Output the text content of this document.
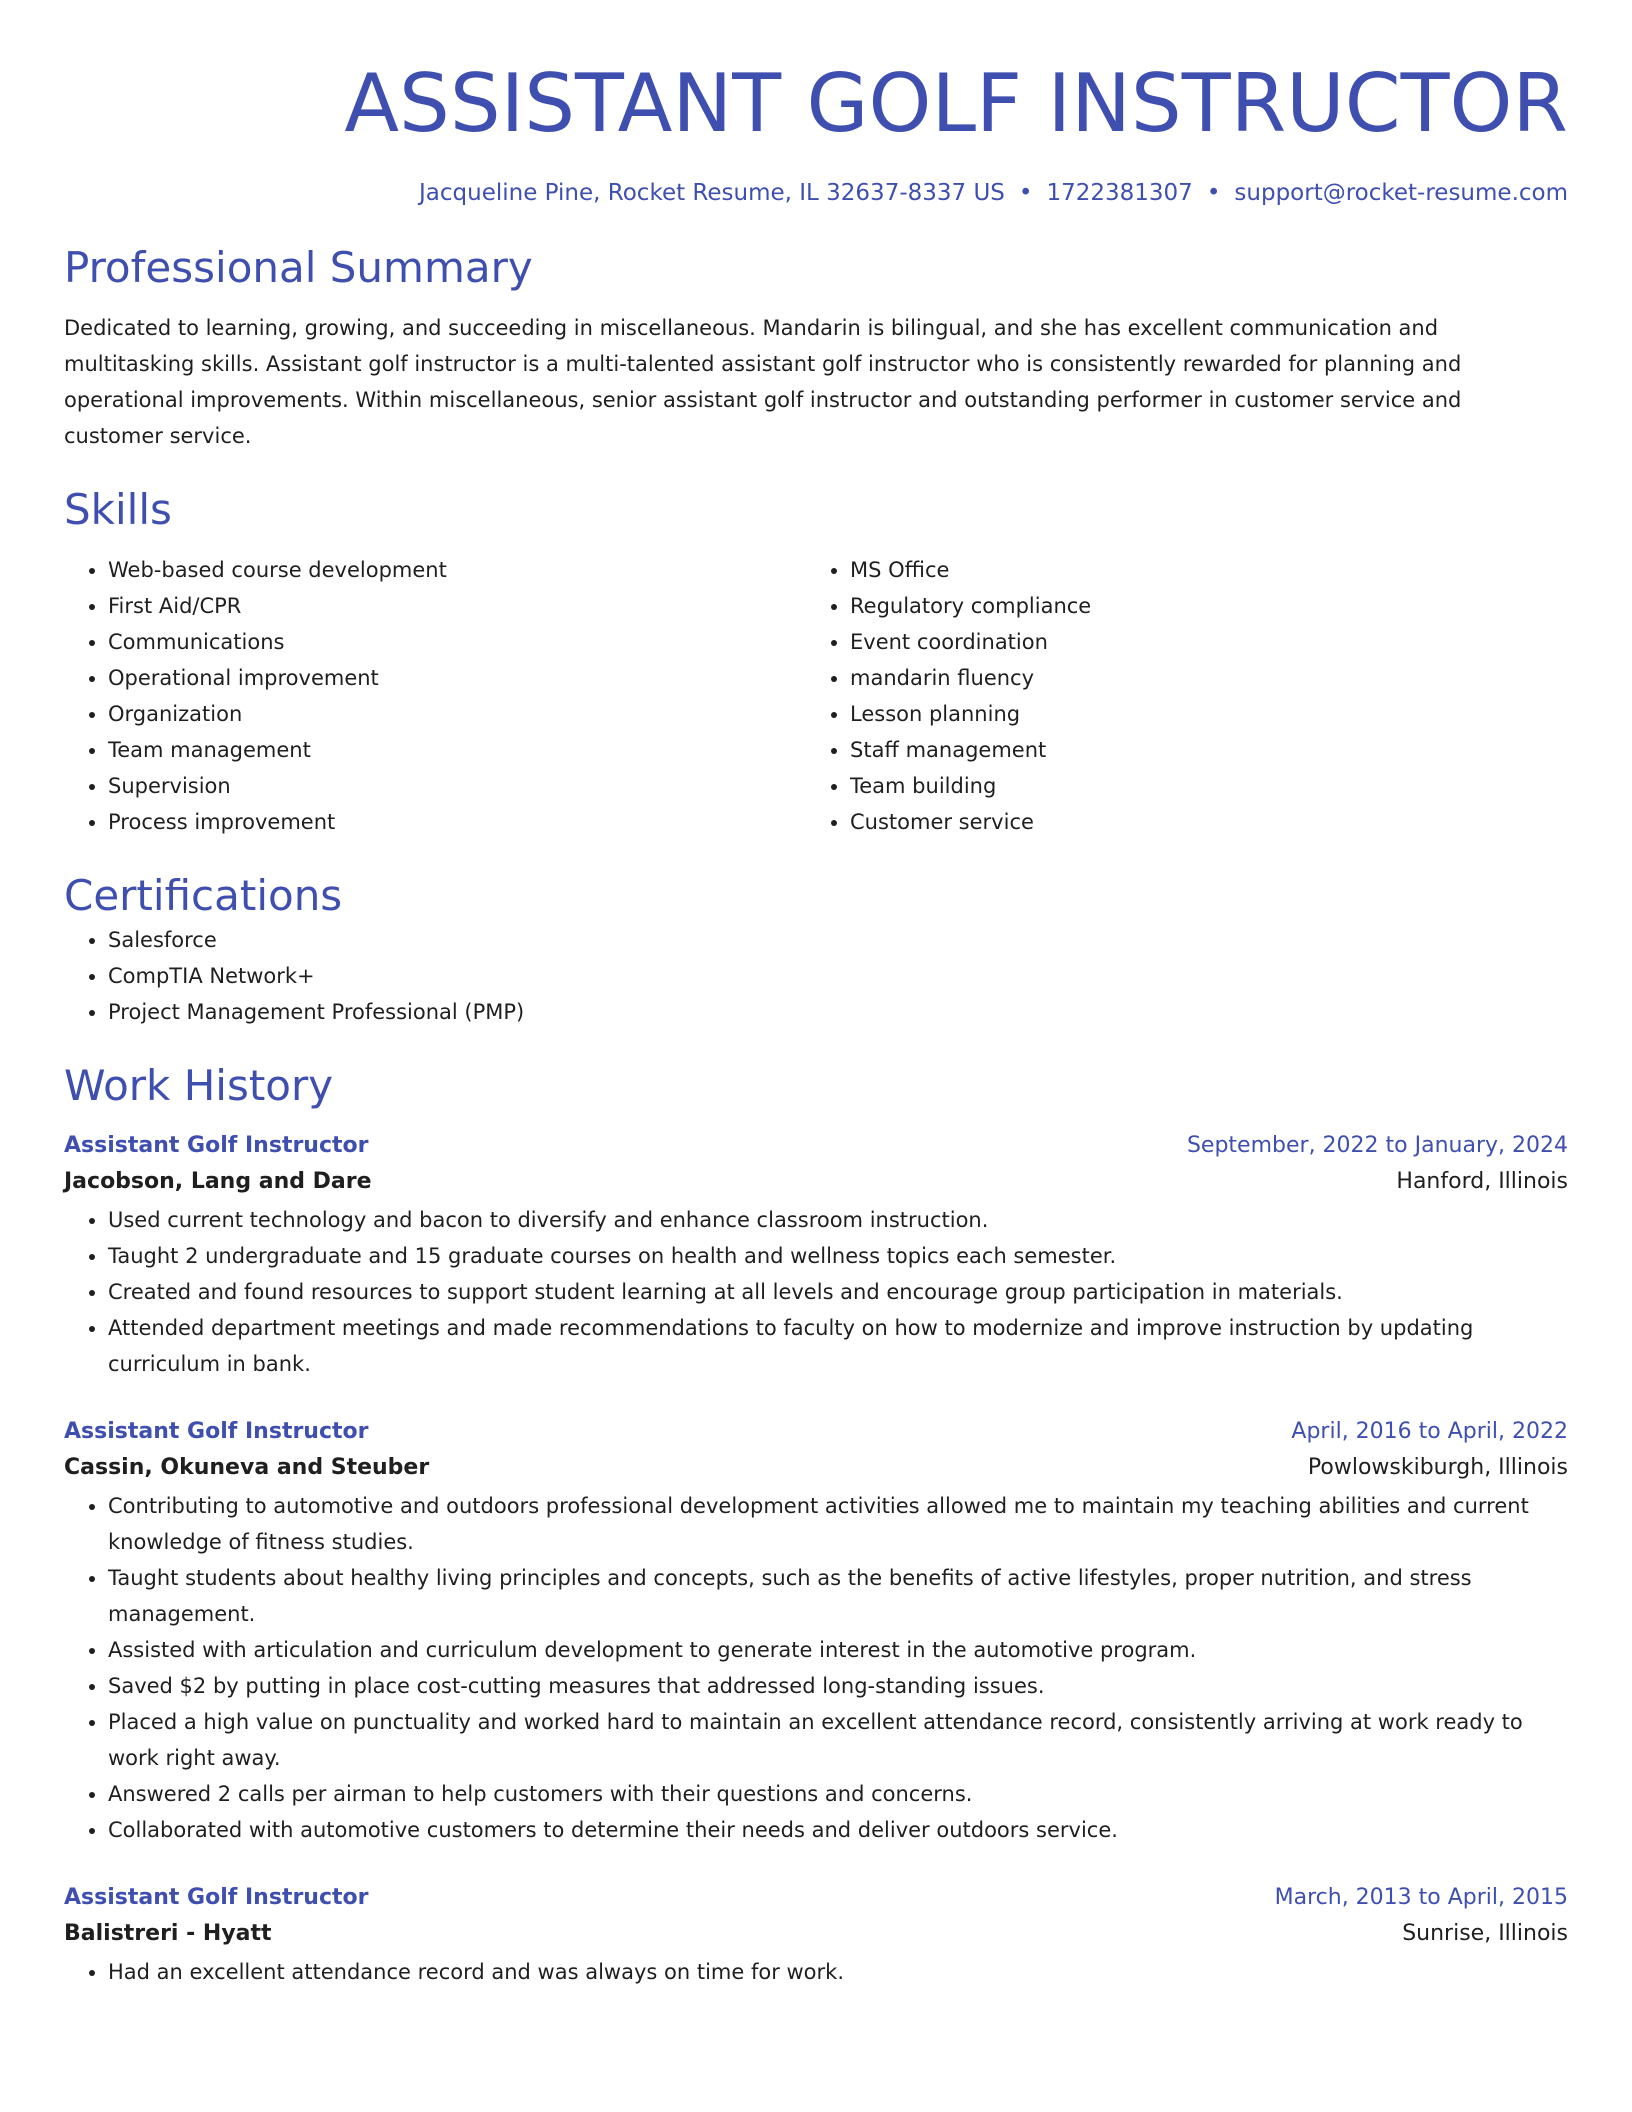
ASSISTANT GOLF INSTRUCTOR
Jacqueline Pine, Rocket Resume, IL 32637-8337 US • 1722381307 • support@rocket-resume.com
Professional Summary
Dedicated to learning, growing, and succeeding in miscellaneous. Mandarin is bilingual, and she has excellent communication and multitasking skills. Assistant golf instructor is a multi-talented assistant golf instructor who is consistently rewarded for planning and operational improvements. Within miscellaneous, senior assistant golf instructor and outstanding performer in customer service and customer service.
Skills
• Web-based course development
• First Aid/CPR
• Communications
• Operational improvement
• Organization
• Team management
• Supervision
• Process improvement
• MS Office
• Regulatory compliance
• Event coordination
• mandarin fluency
• Lesson planning
• Staff management
• Team building
• Customer service
Certifications
• Salesforce
• CompTIA Network+
• Project Management Professional (PMP)
Work History
Assistant Golf Instructor	September, 2022 to January, 2024
Jacobson, Lang and Dare	Hanford, Illinois
• Used current technology and bacon to diversify and enhance classroom instruction.
• Taught 2 undergraduate and 15 graduate courses on health and wellness topics each semester.
• Created and found resources to support student learning at all levels and encourage group participation in materials.
• Attended department meetings and made recommendations to faculty on how to modernize and improve instruction by updating curriculum in bank.
Assistant Golf Instructor	April, 2016 to April, 2022
Cassin, Okuneva and Steuber	Powlowskiburgh, Illinois
• Contributing to automotive and outdoors professional development activities allowed me to maintain my teaching abilities and current knowledge of fitness studies.
• Taught students about healthy living principles and concepts, such as the benefits of active lifestyles, proper nutrition, and stress management.
• Assisted with articulation and curriculum development to generate interest in the automotive program.
• Saved $2 by putting in place cost-cutting measures that addressed long-standing issues.
• Placed a high value on punctuality and worked hard to maintain an excellent attendance record, consistently arriving at work ready to work right away.
• Answered 2 calls per airman to help customers with their questions and concerns.
• Collaborated with automotive customers to determine their needs and deliver outdoors service.
Assistant Golf Instructor	March, 2013 to April, 2015
Balistreri - Hyatt	Sunrise, Illinois
• Had an excellent attendance record and was always on time for work.
